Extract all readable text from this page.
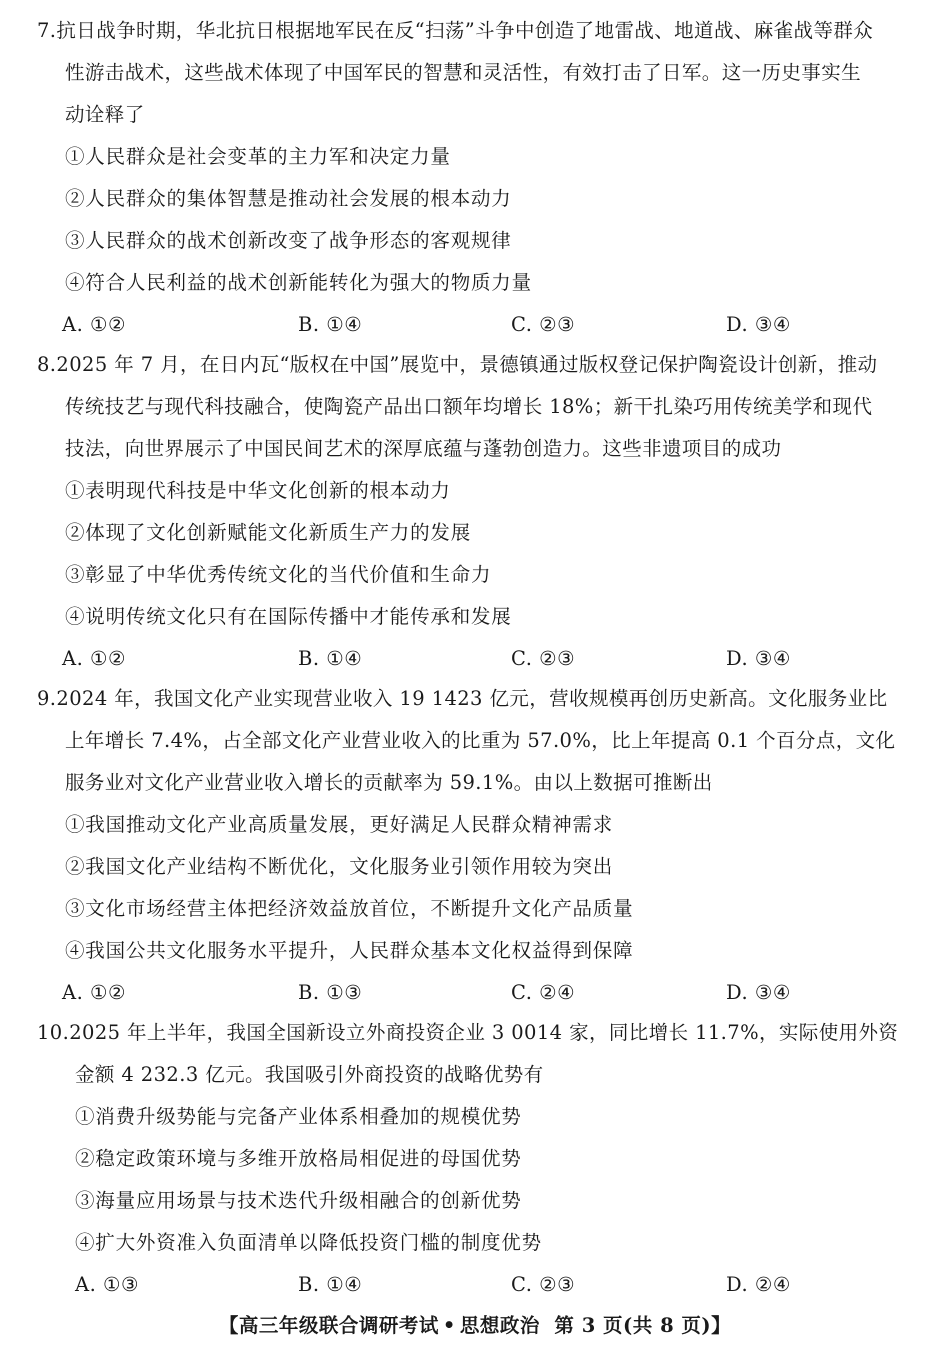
7.抗日战争时期，华北抗日根据地军民在反“扫荡”斗争中创造了地雷战、地道战、麻雀战等群众
性游击战术，这些战术体现了中国军民的智慧和灵活性，有效打击了日军。这一历史事实生
动诠释了
①人民群众是社会变革的主力军和决定力量
②人民群众的集体智慧是推动社会发展的根本动力
③人民群众的战术创新改变了战争形态的客观规律
④符合人民利益的战术创新能转化为强大的物质力量
A. ①②	B. ①④	C. ②③	D. ③④
8.2025 年 7 月，在日内瓦“版权在中国”展览中，景德镇通过版权登记保护陶瓷设计创新，推动
传统技艺与现代科技融合，使陶瓷产品出口额年均增长 18%；新干扎染巧用传统美学和现代
技法，向世界展示了中国民间艺术的深厚底蕴与蓬勃创造力。这些非遗项目的成功
①表明现代科技是中华文化创新的根本动力
②体现了文化创新赋能文化新质生产力的发展
③彰显了中华优秀传统文化的当代价值和生命力
④说明传统文化只有在国际传播中才能传承和发展
A. ①②	B. ①④	C. ②③	D. ③④
9.2024 年，我国文化产业实现营业收入 19 1423 亿元，营收规模再创历史新高。文化服务业比
上年增长 7.4%，占全部文化产业营业收入的比重为 57.0%，比上年提高 0.1 个百分点，文化
服务业对文化产业营业收入增长的贡献率为 59.1%。由以上数据可推断出
①我国推动文化产业高质量发展，更好满足人民群众精神需求
②我国文化产业结构不断优化，文化服务业引领作用较为突出
③文化市场经营主体把经济效益放首位，不断提升文化产品质量
④我国公共文化服务水平提升，人民群众基本文化权益得到保障
A. ①②	B. ①③	C. ②④	D. ③④
10.2025 年上半年，我国全国新设立外商投资企业 3 0014 家，同比增长 11.7%，实际使用外资
金额 4 232.3 亿元。我国吸引外商投资的战略优势有
①消费升级势能与完备产业体系相叠加的规模优势
②稳定政策环境与多维开放格局相促进的母国优势
③海量应用场景与技术迭代升级相融合的创新优势
④扩大外资准入负面清单以降低投资门槛的制度优势
A. ①③	B. ①④	C. ②③	D. ②④
【高三年级联合调研考试 • 思想政治 第 3 页(共 8 页)】
